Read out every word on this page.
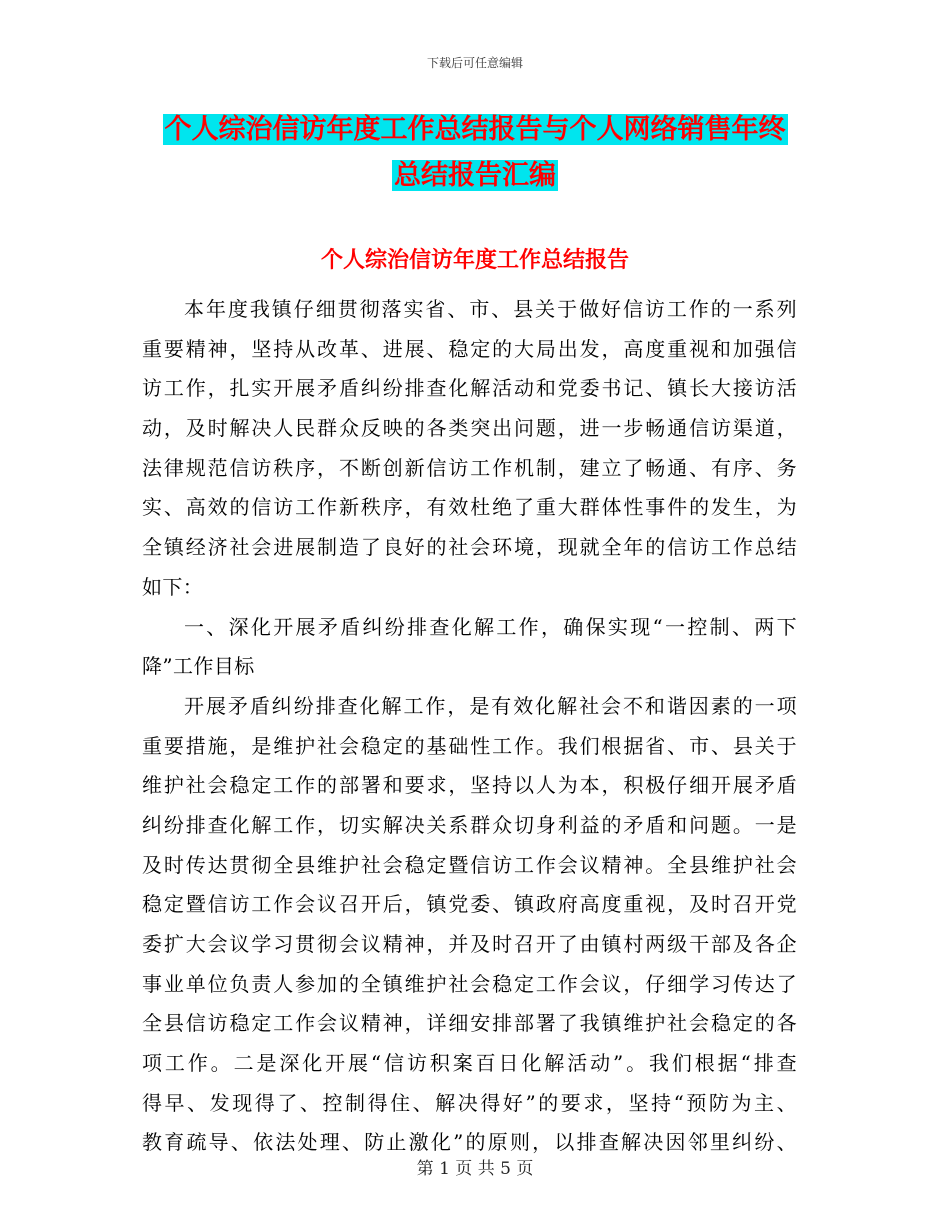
下载后可任意编辑
个人综治信访年度工作总结报告与个人网络销售年终
总结报告汇编
个人综治信访年度工作总结报告
本年度我镇仔细贯彻落实省、市、县关于做好信访工作的一系列
重要精神，坚持从改革、进展、稳定的大局出发，高度重视和加强信
访工作，扎实开展矛盾纠纷排查化解活动和党委书记、镇长大接访活
动，及时解决人民群众反映的各类突出问题，进一步畅通信访渠道，
法律规范信访秩序，不断创新信访工作机制，建立了畅通、有序、务
实、高效的信访工作新秩序，有效杜绝了重大群体性事件的发生，为
全镇经济社会进展制造了良好的社会环境，现就全年的信访工作总结
如下：
一、深化开展矛盾纠纷排查化解工作，确保实现“一控制、两下
降”工作目标
开展矛盾纠纷排查化解工作，是有效化解社会不和谐因素的一项
重要措施，是维护社会稳定的基础性工作。我们根据省、市、县关于
维护社会稳定工作的部署和要求，坚持以人为本，积极仔细开展矛盾
纠纷排查化解工作，切实解决关系群众切身利益的矛盾和问题。一是
及时传达贯彻全县维护社会稳定暨信访工作会议精神。全县维护社会
稳定暨信访工作会议召开后，镇党委、镇政府高度重视，及时召开党
委扩大会议学习贯彻会议精神，并及时召开了由镇村两级干部及各企
事业单位负责人参加的全镇维护社会稳定工作会议，仔细学习传达了
全县信访稳定工作会议精神，详细安排部署了我镇维护社会稳定的各
项工作。二是深化开展“信访积案百日化解活动”。我们根据“排查
得早、发现得了、控制得住、解决得好”的要求，坚持“预防为主、
教育疏导、依法处理、防止激化”的原则，以排查解决因邻里纠纷、
第 1 页 共 5 页
